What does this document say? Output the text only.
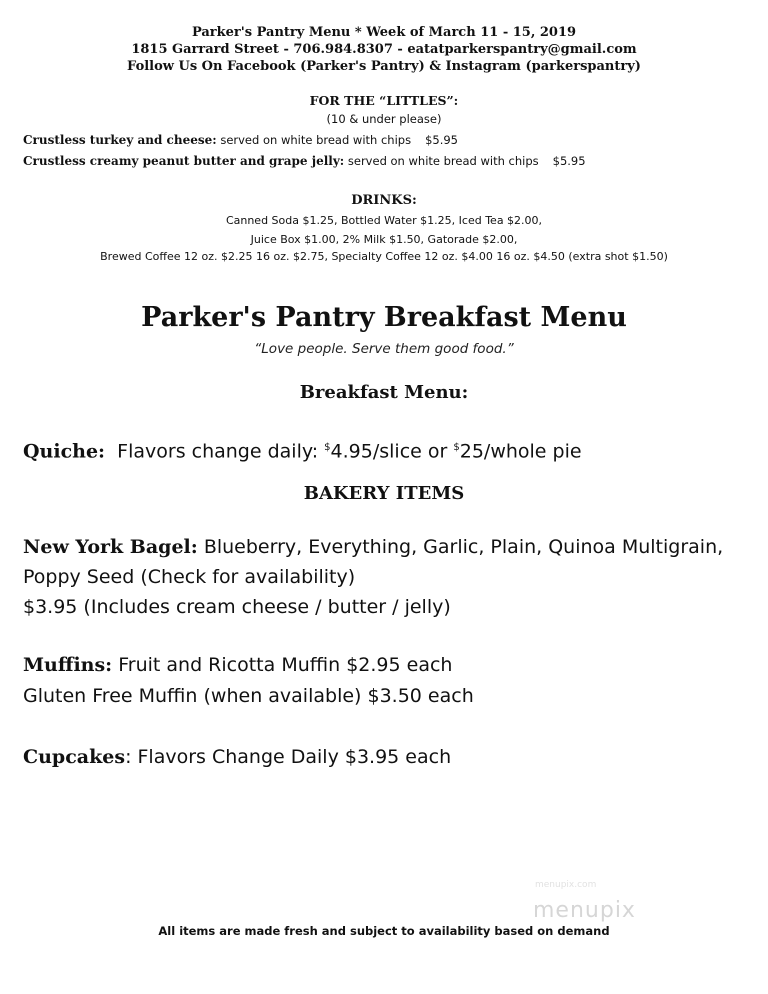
Parker's Pantry Menu * Week of March 11 - 15, 2019
1815 Garrard Street - 706.984.8307 - eatatparkerspantry@gmail.com
Follow Us On Facebook (Parker's Pantry) & Instagram (parkerspantry)
FOR THE “LITTLES”:
(10 & under please)
Crustless turkey and cheese: served on white bread with chips $5.95
Crustless creamy peanut butter and grape jelly: served on white bread with chips $5.95
DRINKS:
Canned Soda $1.25, Bottled Water $1.25, Iced Tea $2.00,
Juice Box $1.00, 2% Milk $1.50, Gatorade $2.00,
Brewed Coffee 12 oz. $2.25 16 oz. $2.75, Specialty Coffee 12 oz. $4.00 16 oz. $4.50 (extra shot $1.50)
Parker's Pantry Breakfast Menu
“Love people. Serve them good food.”
Breakfast Menu:
Quiche:  Flavors change daily: $4.95/slice or $25/whole pie
BAKERY ITEMS
New York Bagel: Blueberry, Everything, Garlic, Plain, Quinoa Multigrain,
Poppy Seed (Check for availability)
$3.95 (Includes cream cheese / butter / jelly)
Muffins: Fruit and Ricotta Muffin $2.95 each
Gluten Free Muffin (when available) $3.50 each
Cupcakes: Flavors Change Daily $3.95 each
menupix.com
menupix
All items are made fresh and subject to availability based on demand
